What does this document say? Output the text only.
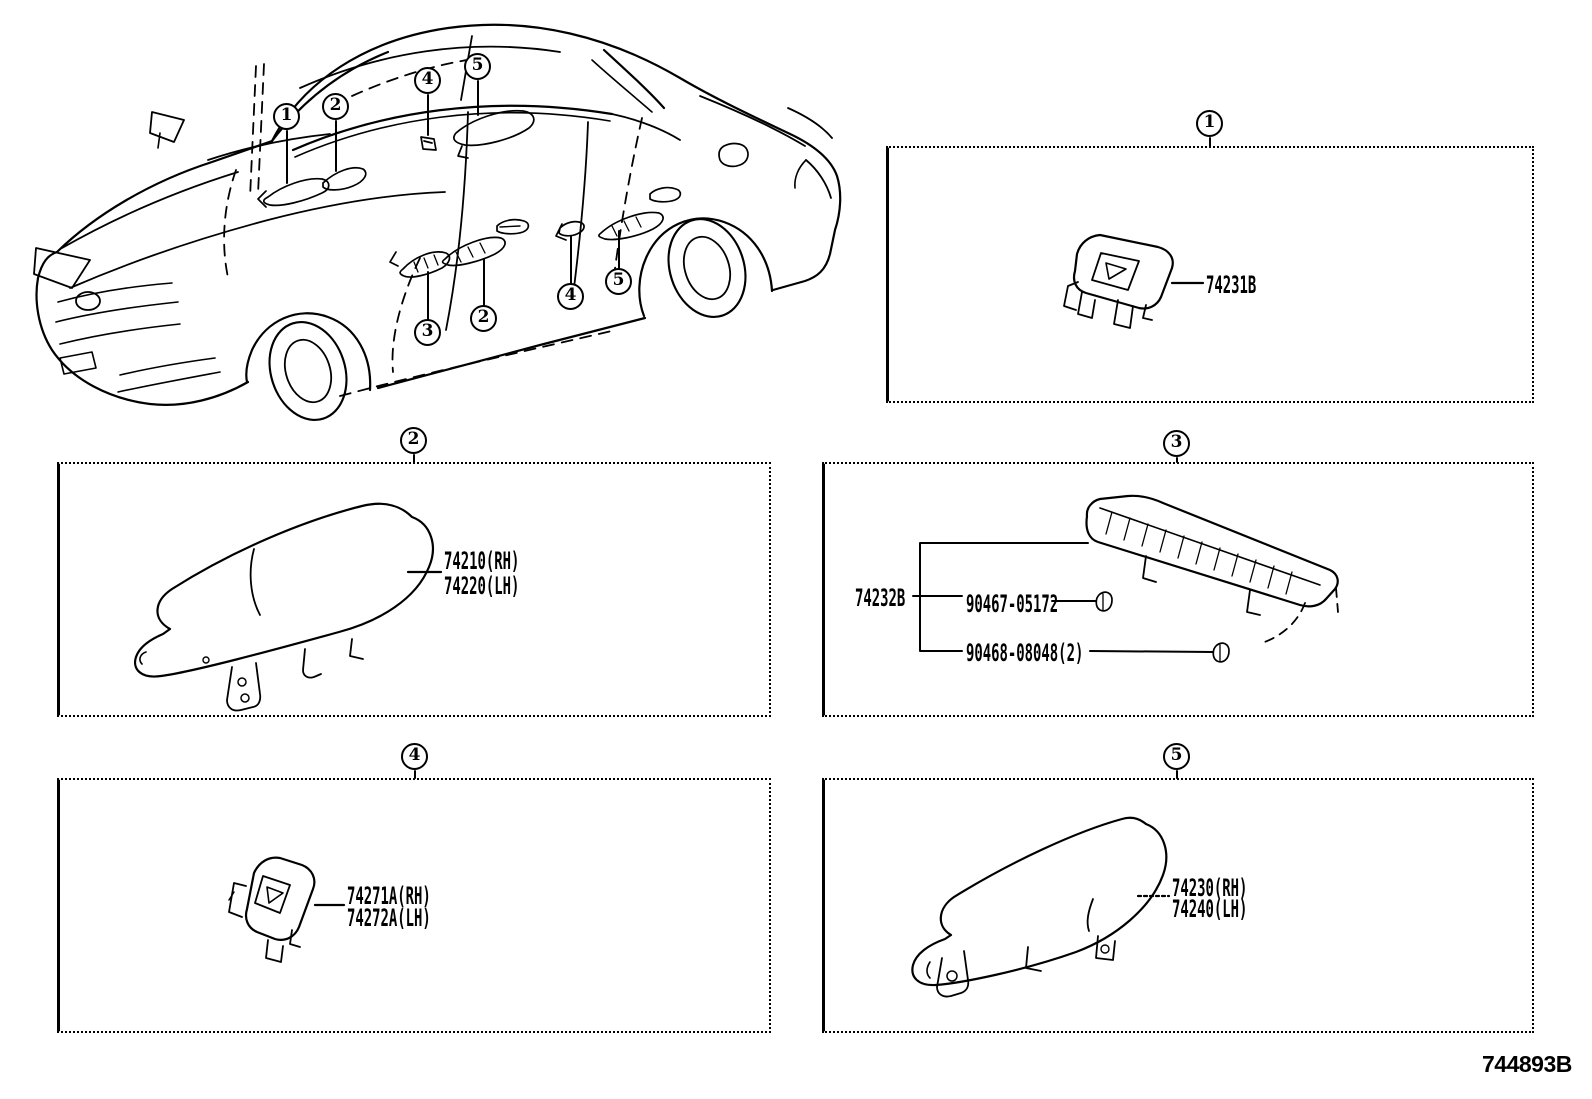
1	2
4
5
3
2
4
5
1
2	3
4	5
74231B
74210(RH)
74220(LH)	74232B	90467-05172
90468-08048(2)
74271A(RH)
74272A(LH)
74230(RH)
74240(LH)
744893B
